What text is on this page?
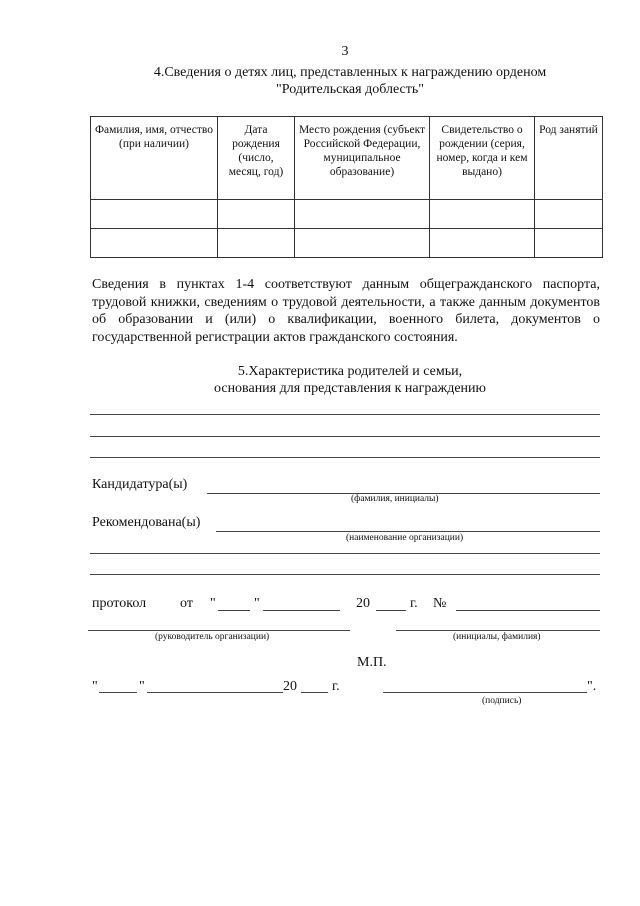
3
4.Сведения о детях лиц, представленных к награждению орденом
"Родительская доблесть"
Фамилия, имя, отчество (при наличии)	Дата рождения (число, месяц, год)	Место рождения (субъект Российской Федерации, муниципальное образование)	Свидетельство о рождении (серия, номер, когда и кем выдано)	Род занятий

Сведения в пунктах 1-4 соответствуют данным общегражданского паспорта, трудовой книжки, сведениям о трудовой деятельности, а также данным документов об образовании и (или) о квалификации, военного билета, документов о государственной регистрации актов гражданского состояния.
5.Характеристика родителей и семьи,
основания для представления к награждению
Кандидатура(ы)
(фамилия, инициалы)
Рекомендована(ы)
(наименование организации)
протокол от "	"	20	г. №
(руководитель организации)	(инициалы, фамилия)
М.П.
"	"	20	г.	".
(подпись)
